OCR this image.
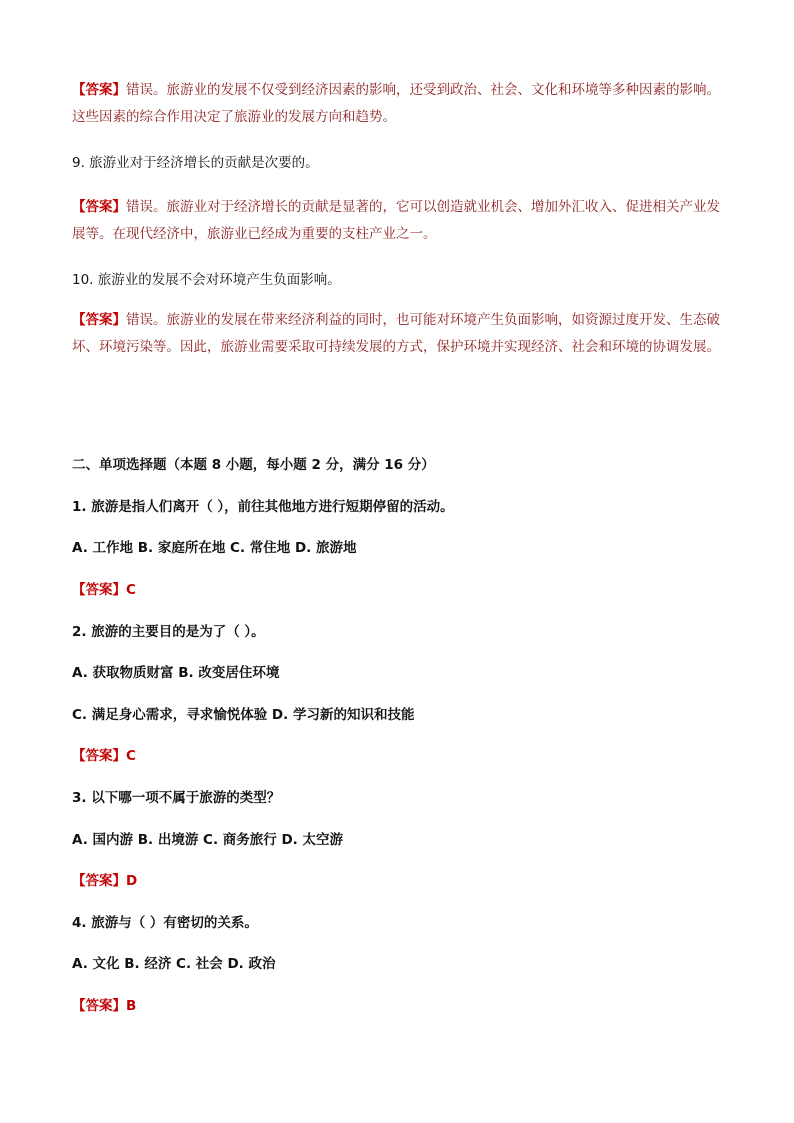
【答案】错误。旅游业的发展不仅受到经济因素的影响，还受到政治、社会、文化和环境等多种因素的影响。这些因素的综合作用决定了旅游业的发展方向和趋势。
9. 旅游业对于经济增长的贡献是次要的。
【答案】错误。旅游业对于经济增长的贡献是显著的，它可以创造就业机会、增加外汇收入、促进相关产业发展等。在现代经济中，旅游业已经成为重要的支柱产业之一。
10. 旅游业的发展不会对环境产生负面影响。
【答案】错误。旅游业的发展在带来经济利益的同时，也可能对环境产生负面影响，如资源过度开发、生态破坏、环境污染等。因此，旅游业需要采取可持续发展的方式，保护环境并实现经济、社会和环境的协调发展。
二、单项选择题（本题 8 小题，每小题 2 分，满分 16 分）
1. 旅游是指人们离开（ ），前往其他地方进行短期停留的活动。
A. 工作地 B. 家庭所在地 C. 常住地 D. 旅游地
【答案】C
2. 旅游的主要目的是为了（ ）。
A. 获取物质财富 B. 改变居住环境
C. 满足身心需求，寻求愉悦体验 D. 学习新的知识和技能
【答案】C
3. 以下哪一项不属于旅游的类型？
A. 国内游 B. 出境游 C. 商务旅行 D. 太空游
【答案】D
4. 旅游与（ ）有密切的关系。
A. 文化 B. 经济 C. 社会 D. 政治
【答案】B
